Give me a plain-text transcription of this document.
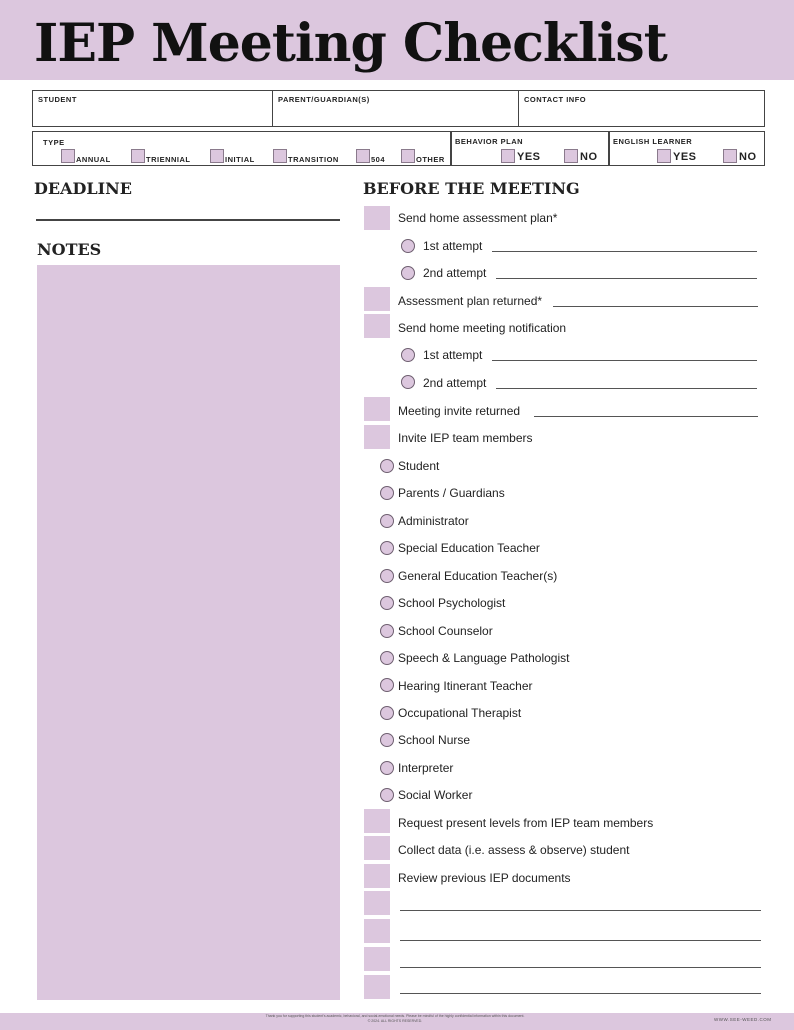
IEP Meeting Checklist
STUDENT	PARENT/GUARDIAN(S)	CONTACT INFO
TYPE
ANNUAL	TRIENNIAL	INITIAL	TRANSITION	504	OTHER
BEHAVIOR PLAN
YES	NO
ENGLISH LEARNER
YES	NO
DEADLINE
NOTES
BEFORE THE MEETING
Send home assessment plan*
1st attempt
2nd attempt
Assessment plan returned*
Send home meeting notification
1st attempt
2nd attempt
Meeting invite returned
Invite IEP team members
Student
Parents / Guardians
Administrator
Special Education Teacher
General Education Teacher(s)
School Psychologist
School Counselor
Speech & Language Pathologist
Hearing Itinerant Teacher
Occupational Therapist
School Nurse
Interpreter
Social Worker
Request present levels from IEP team members
Collect data (i.e. assess & observe) student
Review previous IEP documents
Thank you for supporting this student's academic, behavioral, and social-emotional needs. Please be mindful of the highly confidential information within this document.
© 2024. ALL RIGHTS RESERVED.	WWW.SEE-WEED.COM
